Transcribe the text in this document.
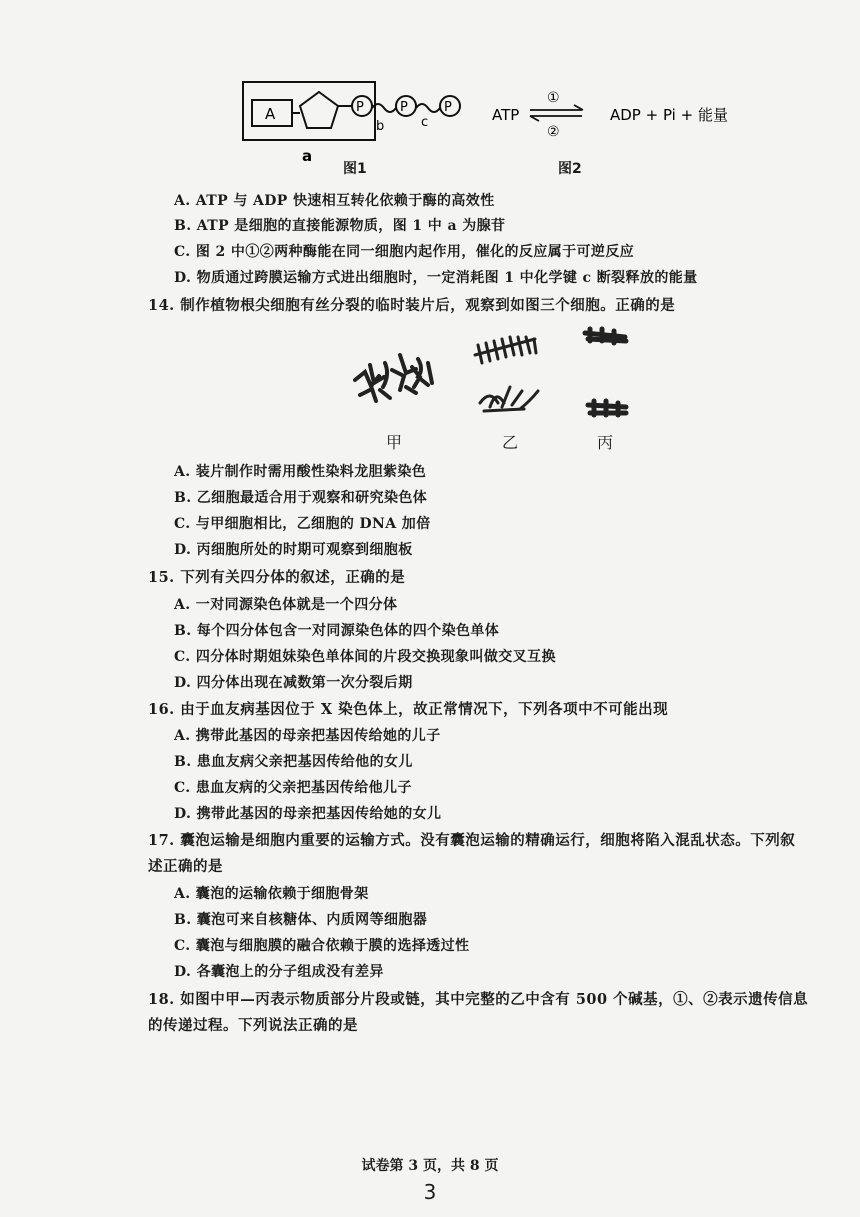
A	P	P	P
b	c
a
ATP
①
②
ADP + Pi + 能量
图1	图2
A. ATP 与 ADP 快速相互转化依赖于酶的高效性
B. ATP 是细胞的直接能源物质，图 1 中 a 为腺苷
C. 图 2 中①②两种酶能在同一细胞内起作用，催化的反应属于可逆反应
D. 物质通过跨膜运输方式进出细胞时，一定消耗图 1 中化学键 c 断裂释放的能量
14. 制作植物根尖细胞有丝分裂的临时装片后，观察到如图三个细胞。正确的是
甲	乙	丙
A. 装片制作时需用酸性染料龙胆紫染色
B. 乙细胞最适合用于观察和研究染色体
C. 与甲细胞相比，乙细胞的 DNA 加倍
D. 丙细胞所处的时期可观察到细胞板
15. 下列有关四分体的叙述，正确的是
A. 一对同源染色体就是一个四分体
B. 每个四分体包含一对同源染色体的四个染色单体
C. 四分体时期姐妹染色单体间的片段交换现象叫做交叉互换
D. 四分体出现在减数第一次分裂后期
16. 由于血友病基因位于 X 染色体上，故正常情况下，下列各项中不可能出现
A. 携带此基因的母亲把基因传给她的儿子
B. 患血友病父亲把基因传给他的女儿
C. 患血友病的父亲把基因传给他儿子
D. 携带此基因的母亲把基因传给她的女儿
17. 囊泡运输是细胞内重要的运输方式。没有囊泡运输的精确运行，细胞将陷入混乱状态。下列叙
述正确的是
A. 囊泡的运输依赖于细胞骨架
B. 囊泡可来自核糖体、内质网等细胞器
C. 囊泡与细胞膜的融合依赖于膜的选择透过性
D. 各囊泡上的分子组成没有差异
18. 如图中甲—丙表示物质部分片段或链，其中完整的乙中含有 500 个碱基，①、②表示遗传信息
的传递过程。下列说法正确的是
试卷第 3 页，共 8 页
3
